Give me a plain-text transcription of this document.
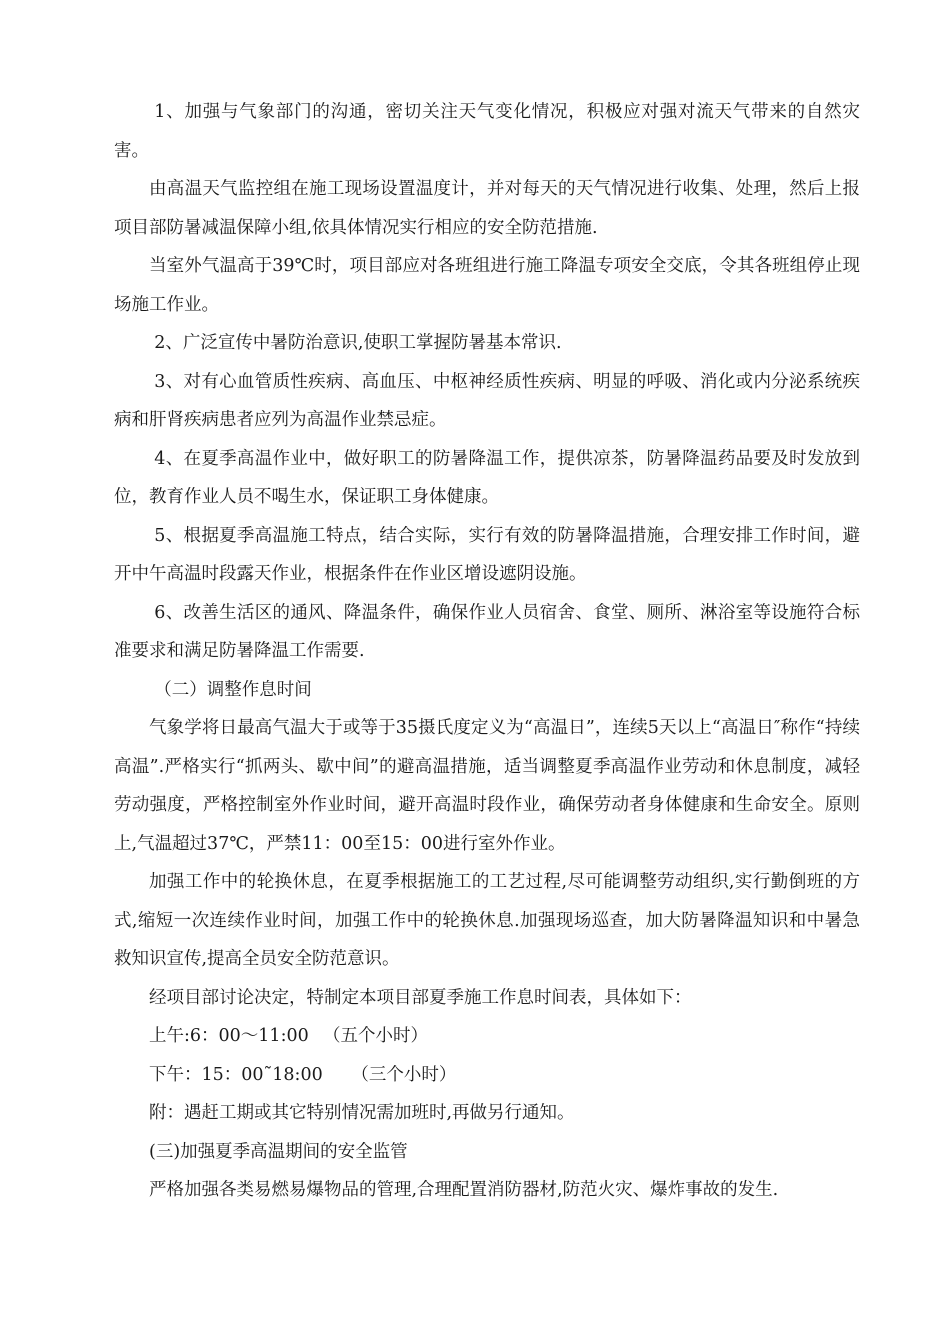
1、加强与气象部门的沟通，密切关注天气变化情况，积极应对强对流天气带来的自然灾害。

由高温天气监控组在施工现场设置温度计，并对每天的天气情况进行收集、处理，然后上报项目部防暑减温保障小组,依具体情况实行相应的安全防范措施.

当室外气温高于39℃时，项目部应对各班组进行施工降温专项安全交底，令其各班组停止现场施工作业。

2、广泛宣传中暑防治意识,使职工掌握防暑基本常识.

3、对有心血管质性疾病、高血压、中枢神经质性疾病、明显的呼吸、消化或内分泌系统疾病和肝肾疾病患者应列为高温作业禁忌症。

4、在夏季高温作业中，做好职工的防暑降温工作，提供凉茶，防暑降温药品要及时发放到位，教育作业人员不喝生水，保证职工身体健康。

5、根据夏季高温施工特点，结合实际，实行有效的防暑降温措施，合理安排工作时间，避开中午高温时段露天作业，根据条件在作业区增设遮阴设施。

6、改善生活区的通风、降温条件，确保作业人员宿舍、食堂、厕所、淋浴室等设施符合标准要求和满足防暑降温工作需要.

（二）调整作息时间

气象学将日最高气温大于或等于35摄氏度定义为“高温日”，连续5天以上“高温日″称作“持续高温”.严格实行“抓两头、歇中间”的避高温措施，适当调整夏季高温作业劳动和休息制度，减轻劳动强度，严格控制室外作业时间，避开高温时段作业，确保劳动者身体健康和生命安全。原则上,气温超过37℃，严禁11：00至15：00进行室外作业。

加强工作中的轮换休息，在夏季根据施工的工艺过程,尽可能调整劳动组织,实行勤倒班的方式,缩短一次连续作业时间，加强工作中的轮换休息.加强现场巡查，加大防暑降温知识和中暑急救知识宣传,提高全员安全防范意识。

经项目部讨论决定，特制定本项目部夏季施工作息时间表，具体如下：

上午:6：00～11:00 　（五个小时）

下午：15：00˜18:00 　 （三个小时）

附：遇赶工期或其它特别情况需加班时,再做另行通知。

(三)加强夏季高温期间的安全监管

严格加强各类易燃易爆物品的管理,合理配置消防器材,防范火灾、爆炸事故的发生.
